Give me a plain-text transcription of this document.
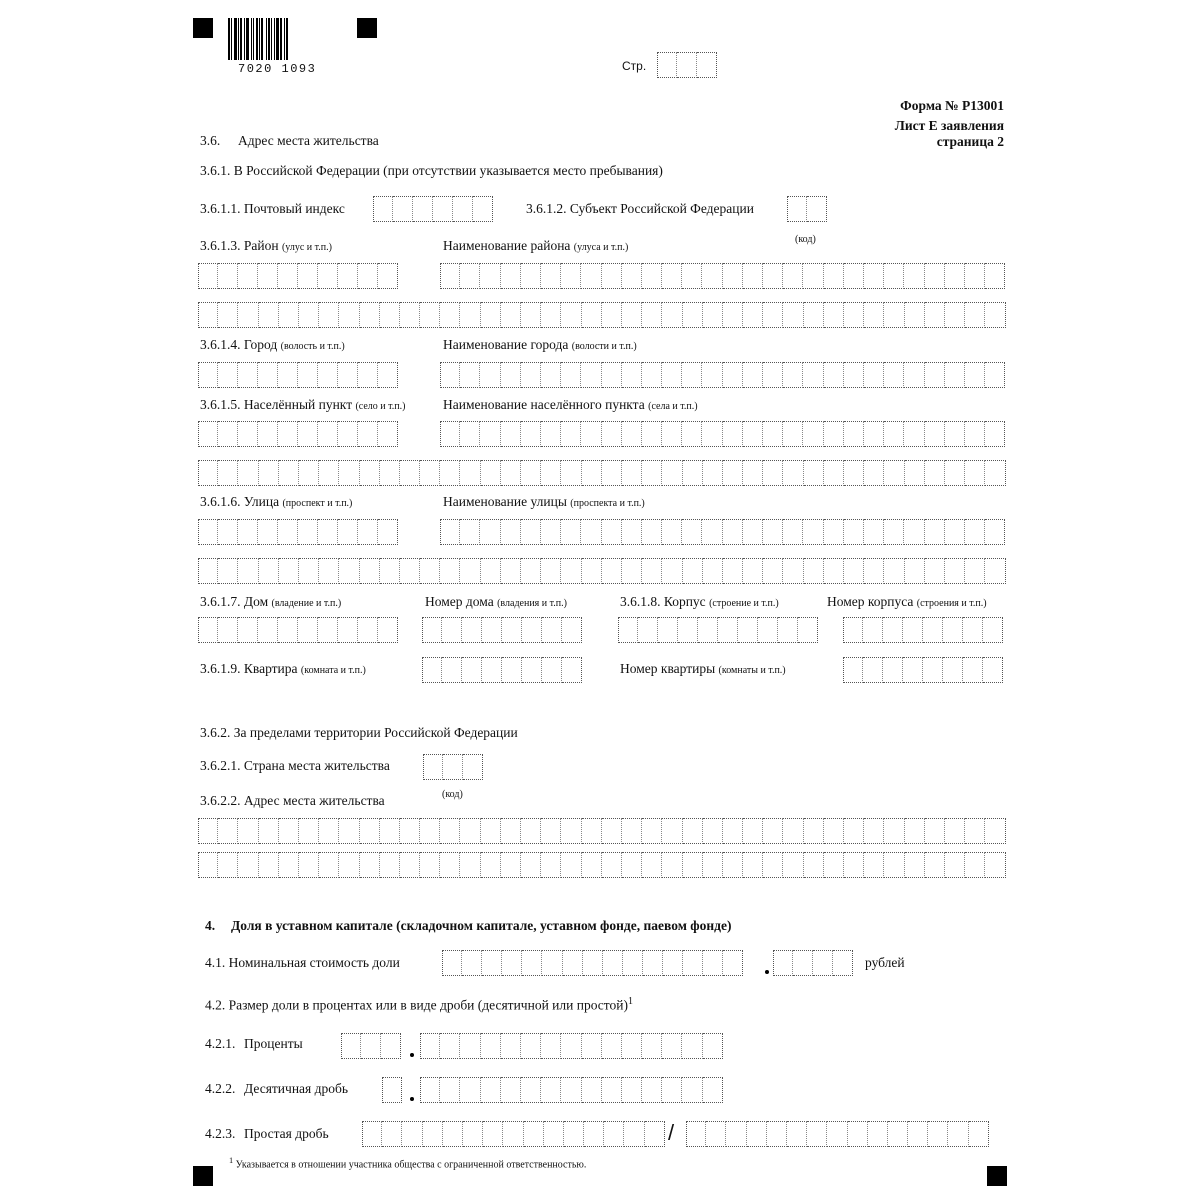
7020 1093	Стр.
Форма № Р13001
Лист Е заявления
страница 2
3.6. Адрес места жительства
3.6.1. В Российской Федерации (при отсутствии указывается место пребывания)
3.6.1.1. Почтовый индекс	3.6.1.2. Субъект Российской Федерации
(код)
3.6.1.3. Район (улус и т.п.)	Наименование района (улуса и т.п.)
3.6.1.4. Город (волость и т.п.)	Наименование города (волости и т.п.)
3.6.1.5. Населённый пункт (село и т.п.)	Наименование населённого пункта (села и т.п.)
3.6.1.6. Улица (проспект и т.п.)	Наименование улицы (проспекта и т.п.)
3.6.1.7. Дом (владение и т.п.)	Номер дома (владения и т.п.)	3.6.1.8. Корпус (строение и т.п.)	Номер корпуса (строения и т.п.)
3.6.1.9. Квартира (комната и т.п.)	Номер квартиры (комнаты и т.п.)
3.6.2. За пределами территории Российской Федерации
3.6.2.1. Страна места жительства
(код)
3.6.2.2. Адрес места жительства
4. Доля в уставном капитале (складочном капитале, уставном фонде, паевом фонде)
4.1. Номинальная стоимость доли	рублей
4.2. Размер доли в процентах или в виде дроби (десятичной или простой)$^1$
4.2.1. Проценты
4.2.2. Десятичная дробь
4.2.3. Простая дробь	/
$^1$ Указывается в отношении участника общества с ограниченной ответственностью.
